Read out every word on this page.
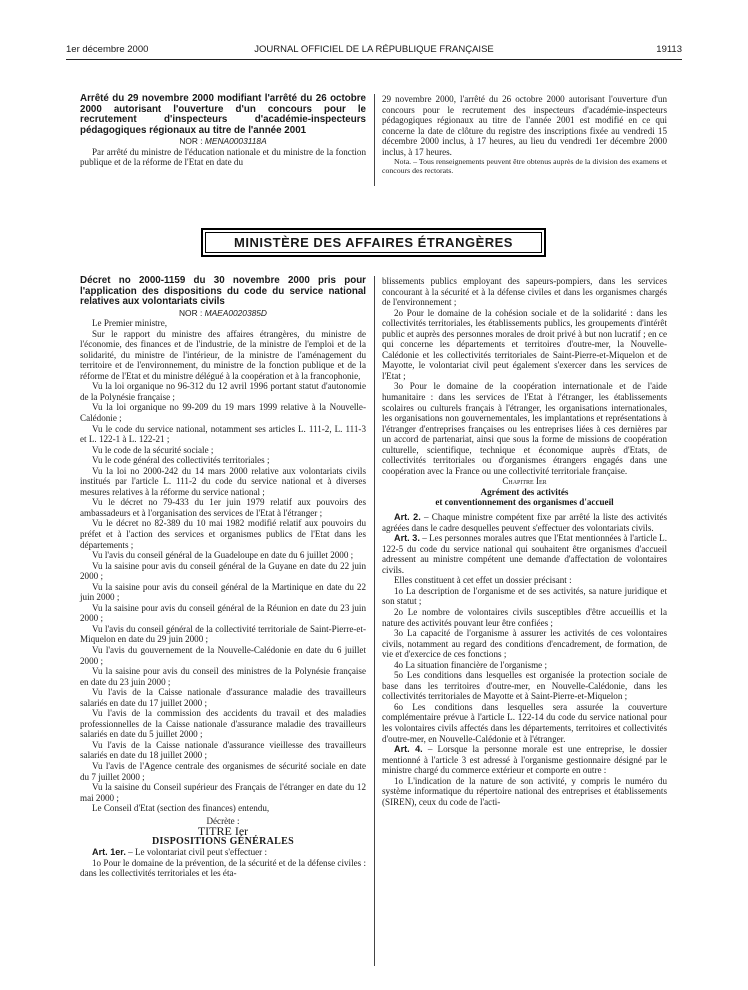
1er décembre 2000	JOURNAL OFFICIEL DE LA RÉPUBLIQUE FRANÇAISE	19113

Arrêté du 29 novembre 2000 modifiant l'arrêté du 26 octobre 2000 autorisant l'ouverture d'un concours pour le recrutement d'inspecteurs d'académie-inspecteurs pédagogiques régionaux au titre de l'année 2001

NOR : MENA0003118A

Par arrêté du ministre de l'éducation nationale et du ministre de la fonction publique et de la réforme de l'Etat en date du

29 novembre 2000, l'arrêté du 26 octobre 2000 autorisant l'ouverture d'un concours pour le recrutement des inspecteurs d'académie-inspecteurs pédagogiques régionaux au titre de l'année 2001 est modifié en ce qui concerne la date de clôture du registre des inscriptions fixée au vendredi 15 décembre 2000 inclus, à 17 heures, au lieu du vendredi 1er décembre 2000 inclus, à 17 heures.

Nota. – Tous renseignements peuvent être obtenus auprès de la division des examens et concours des rectorats.

MINISTÈRE DES AFFAIRES ÉTRANGÈRES

Décret no 2000-1159 du 30 novembre 2000 pris pour l'application des dispositions du code du service national relatives aux volontariats civils

NOR : MAEA0020385D

Le Premier ministre,

Sur le rapport du ministre des affaires étrangères, du ministre de l'économie, des finances et de l'industrie, de la ministre de l'emploi et de la solidarité, du ministre de l'intérieur, de la ministre de l'aménagement du territoire et de l'environnement, du ministre de la fonction publique et de la réforme de l'Etat et du ministre délégué à la coopération et à la francophonie,

Vu la loi organique no 96-312 du 12 avril 1996 portant statut d'autonomie de la Polynésie française ;

Vu la loi organique no 99-209 du 19 mars 1999 relative à la Nouvelle-Calédonie ;

Vu le code du service national, notamment ses articles L. 111-2, L. 111-3 et L. 122-1 à L. 122-21 ;

Vu le code de la sécurité sociale ;

Vu le code général des collectivités territoriales ;

Vu la loi no 2000-242 du 14 mars 2000 relative aux volontariats civils institués par l'article L. 111-2 du code du service national et à diverses mesures relatives à la réforme du service national ;

Vu le décret no 79-433 du 1er juin 1979 relatif aux pouvoirs des ambassadeurs et à l'organisation des services de l'Etat à l'étranger ;

Vu le décret no 82-389 du 10 mai 1982 modifié relatif aux pouvoirs du préfet et à l'action des services et organismes publics de l'Etat dans les départements ;

Vu l'avis du conseil général de la Guadeloupe en date du 6 juillet 2000 ;

Vu la saisine pour avis du conseil général de la Guyane en date du 22 juin 2000 ;

Vu la saisine pour avis du conseil général de la Martinique en date du 22 juin 2000 ;

Vu la saisine pour avis du conseil général de la Réunion en date du 23 juin 2000 ;

Vu l'avis du conseil général de la collectivité territoriale de Saint-Pierre-et-Miquelon en date du 29 juin 2000 ;

Vu l'avis du gouvernement de la Nouvelle-Calédonie en date du 6 juillet 2000 ;

Vu la saisine pour avis du conseil des ministres de la Polynésie française en date du 23 juin 2000 ;

Vu l'avis de la Caisse nationale d'assurance maladie des travailleurs salariés en date du 17 juillet 2000 ;

Vu l'avis de la commission des accidents du travail et des maladies professionnelles de la Caisse nationale d'assurance maladie des travailleurs salariés en date du 5 juillet 2000 ;

Vu l'avis de la Caisse nationale d'assurance vieillesse des travailleurs salariés en date du 18 juillet 2000 ;

Vu l'avis de l'Agence centrale des organismes de sécurité sociale en date du 7 juillet 2000 ;

Vu la saisine du Conseil supérieur des Français de l'étranger en date du 12 mai 2000 ;

Le Conseil d'Etat (section des finances) entendu,

Décrète :

TITRE Ier

DISPOSITIONS GÉNÉRALES

Art. 1er. – Le volontariat civil peut s'effectuer :

1o Pour le domaine de la prévention, de la sécurité et de la défense civiles : dans les collectivités territoriales et les éta-

blissements publics employant des sapeurs-pompiers, dans les services concourant à la sécurité et à la défense civiles et dans les organismes chargés de l'environnement ;

2o Pour le domaine de la cohésion sociale et de la solidarité : dans les collectivités territoriales, les établissements publics, les groupements d'intérêt public et auprès des personnes morales de droit privé à but non lucratif ; en ce qui concerne les départements et territoires d'outre-mer, la Nouvelle-Calédonie et les collectivités territoriales de Saint-Pierre-et-Miquelon et de Mayotte, le volontariat civil peut également s'exercer dans les services de l'Etat ;

3o Pour le domaine de la coopération internationale et de l'aide humanitaire : dans les services de l'Etat à l'étranger, les établissements scolaires ou culturels français à l'étranger, les organisations internationales, les organisations non gouvernementales, les implantations et représentations à l'étranger d'entreprises françaises ou les entreprises liées à ces dernières par un accord de partenariat, ainsi que sous la forme de missions de coopération culturelle, scientifique, technique et économique auprès d'Etats, de collectivités territoriales ou d'organismes étrangers engagés dans une coopération avec la France ou une collectivité territoriale française.

Chapitre Ier

Agrément des activités

et conventionnement des organismes d'accueil

Art. 2. – Chaque ministre compétent fixe par arrêté la liste des activités agréées dans le cadre desquelles peuvent s'effectuer des volontariats civils.

Art. 3. – Les personnes morales autres que l'Etat mentionnées à l'article L. 122-5 du code du service national qui souhaitent être organismes d'accueil adressent au ministre compétent une demande d'affectation de volontaires civils.

Elles constituent à cet effet un dossier précisant :

1o La description de l'organisme et de ses activités, sa nature juridique et son statut ;

2o Le nombre de volontaires civils susceptibles d'être accueillis et la nature des activités pouvant leur être confiées ;

3o La capacité de l'organisme à assurer les activités de ces volontaires civils, notamment au regard des conditions d'encadrement, de formation, de vie et d'exercice de ces fonctions ;

4o La situation financière de l'organisme ;

5o Les conditions dans lesquelles est organisée la protection sociale de base dans les territoires d'outre-mer, en Nouvelle-Calédonie, dans les collectivités territoriales de Mayotte et à Saint-Pierre-et-Miquelon ;

6o Les conditions dans lesquelles sera assurée la couverture complémentaire prévue à l'article L. 122-14 du code du service national pour les volontaires civils affectés dans les départements, territoires et collectivités d'outre-mer, en Nouvelle-Calédonie et à l'étranger.

Art. 4. – Lorsque la personne morale est une entreprise, le dossier mentionné à l'article 3 est adressé à l'organisme gestionnaire désigné par le ministre chargé du commerce extérieur et comporte en outre :

1o L'indication de la nature de son activité, y compris le numéro du système informatique du répertoire national des entreprises et établissements (SIREN), ceux du code de l'acti-
